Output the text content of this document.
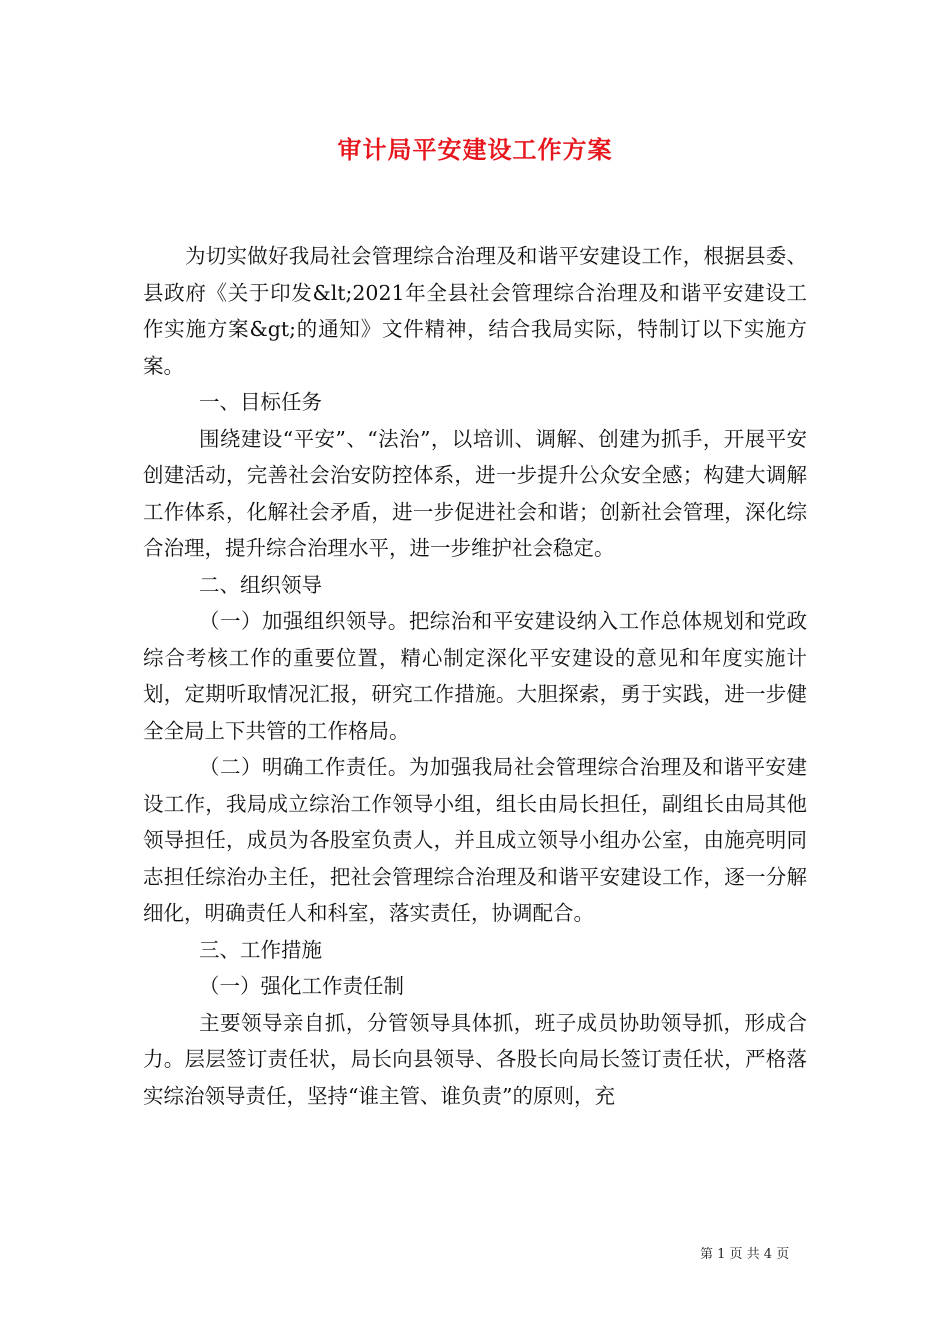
审计局平安建设工作方案

为切实做好我局社会管理综合治理及和谐平安建设工作，根据县委、县政府《关于印发&lt;2021年全县社会管理综合治理及和谐平安建设工作实施方案&gt;的通知》文件精神，结合我局实际，特制订以下实施方案。

一、目标任务

围绕建设“平安”、“法治”，以培训、调解、创建为抓手，开展平安创建活动，完善社会治安防控体系，进一步提升公众安全感；构建大调解工作体系，化解社会矛盾，进一步促进社会和谐；创新社会管理，深化综合治理，提升综合治理水平，进一步维护社会稳定。

二、组织领导

（一）加强组织领导。把综治和平安建设纳入工作总体规划和党政综合考核工作的重要位置，精心制定深化平安建设的意见和年度实施计划，定期听取情况汇报，研究工作措施。大胆探索，勇于实践，进一步健全全局上下共管的工作格局。

（二）明确工作责任。为加强我局社会管理综合治理及和谐平安建设工作，我局成立综治工作领导小组，组长由局长担任，副组长由局其他领导担任，成员为各股室负责人，并且成立领导小组办公室，由施亮明同志担任综治办主任，把社会管理综合治理及和谐平安建设工作，逐一分解细化，明确责任人和科室，落实责任，协调配合。

三、工作措施

（一）强化工作责任制

主要领导亲自抓，分管领导具体抓，班子成员协助领导抓，形成合力。层层签订责任状，局长向县领导、各股长向局长签订责任状，严格落实综治领导责任，坚持“谁主管、谁负责”的原则，充

第 1 页 共 4 页
